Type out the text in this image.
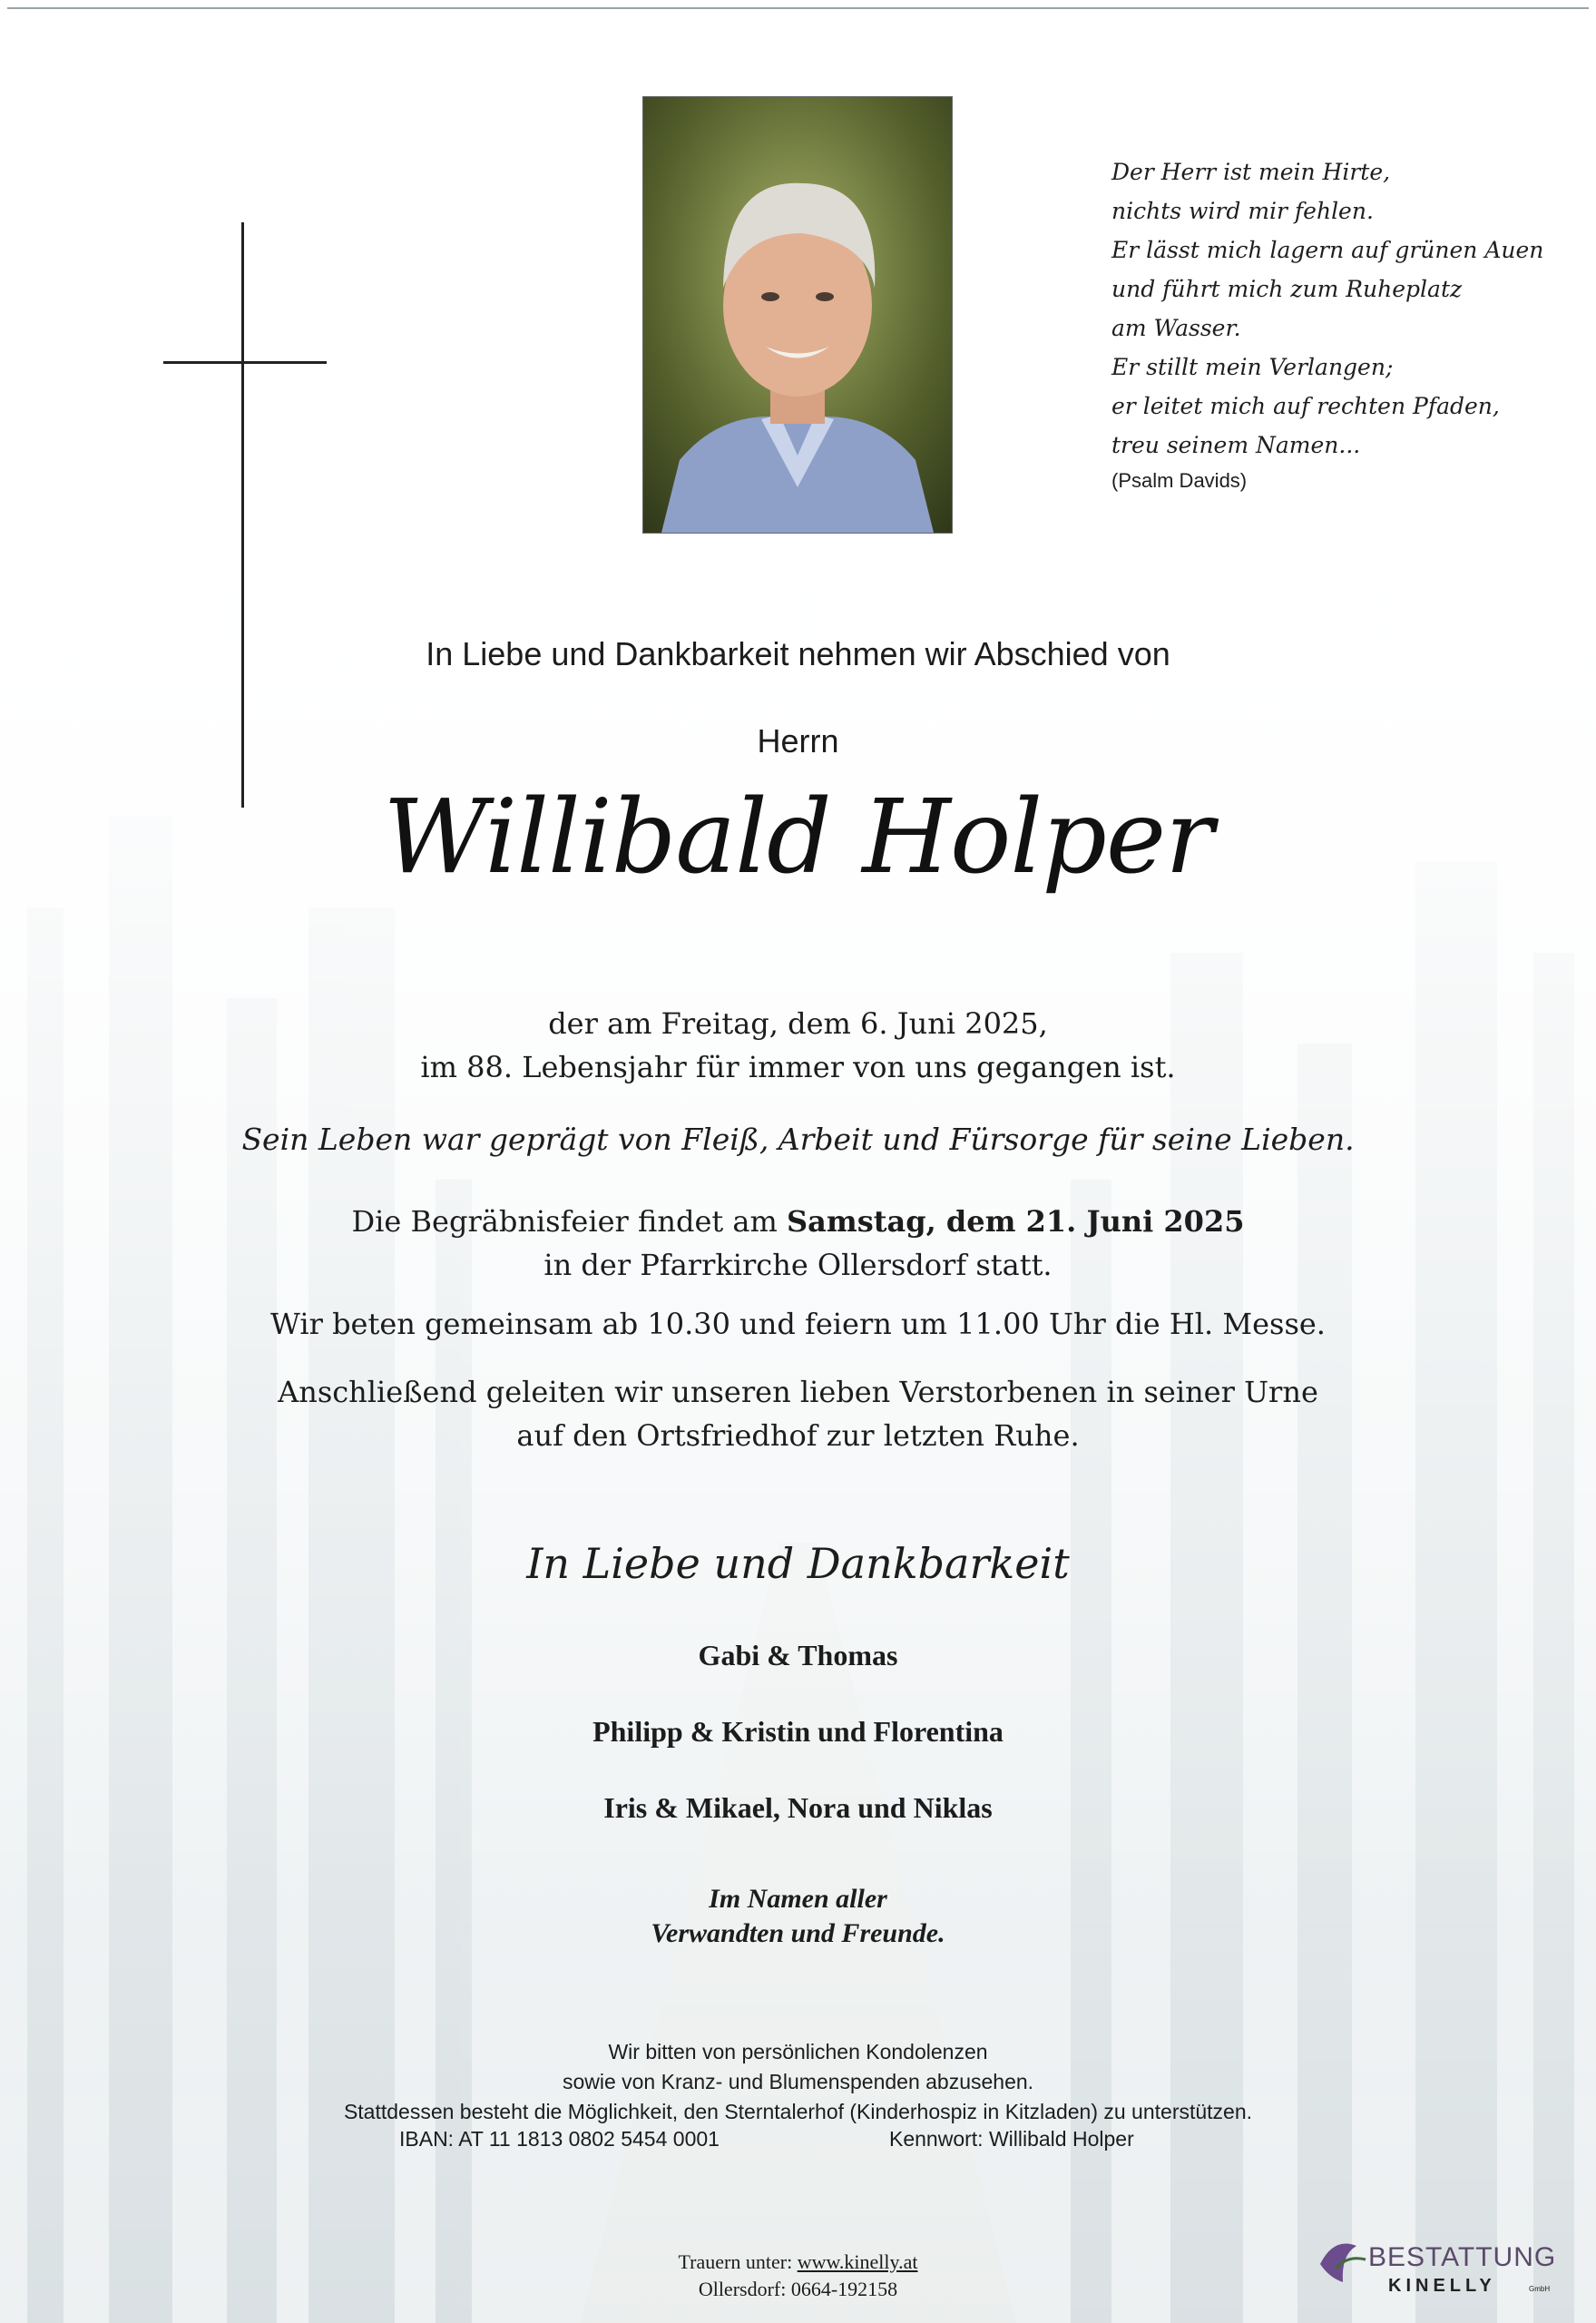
Der Herr ist mein Hirte,
nichts wird mir fehlen.
Er lässt mich lagern auf grünen Auen
und führt mich zum Ruheplatz
am Wasser.
Er stillt mein Verlangen;
er leitet mich auf rechten Pfaden,
treu seinem Namen...
(Psalm Davids)
In Liebe und Dankbarkeit nehmen wir Abschied von
Herrn
Willibald Holper
der am Freitag, dem 6. Juni 2025,
im 88. Lebensjahr für immer von uns gegangen ist.
Sein Leben war geprägt von Fleiß, Arbeit und Fürsorge für seine Lieben.
Die Begräbnisfeier findet am Samstag, dem 21. Juni 2025
in der Pfarrkirche Ollersdorf statt.
Wir beten gemeinsam ab 10.30 und feiern um 11.00 Uhr die Hl. Messe.
Anschließend geleiten wir unseren lieben Verstorbenen in seiner Urne
auf den Ortsfriedhof zur letzten Ruhe.
In Liebe und Dankbarkeit
Gabi & Thomas
Philipp & Kristin und Florentina
Iris & Mikael, Nora und Niklas
Im Namen aller
Verwandten und Freunde.
Wir bitten von persönlichen Kondolenzen
sowie von Kranz- und Blumenspenden abzusehen.
Stattdessen besteht die Möglichkeit, den Sterntalerhof (Kinderhospiz in Kitzladen) zu unterstützen.
IBAN: AT 11 1813 0802 5454 0001	Kennwort: Willibald Holper
Trauern unter: www.kinelly.at
Ollersdorf: 0664-192158
BESTATTUNG
KINELLY	GmbH
